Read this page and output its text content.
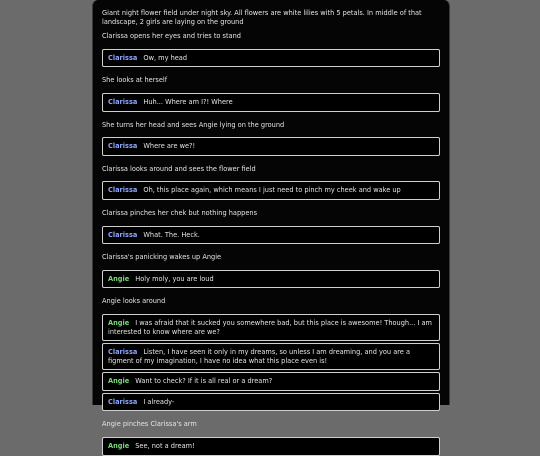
Giant night flower field under night sky. All flowers are white lilies with 5 petals. In middle of that landscape, 2 girls are laying on the ground
Clarissa opens her eyes and tries to stand
Clarissa Ow, my head
She looks at herself
Clarissa Huh... Where am I?! Where
She turns her head and sees Angie lying on the ground
Clarissa Where are we?!
Clarissa looks around and sees the flower field
Clarissa Oh, this place again, which means I just need to pinch my cheek and wake up
Clarissa pinches her chek but nothing happens
Clarissa What. The. Heck.
Clarissa's panicking wakes up Angie
Angie Holy moly, you are loud
Angie looks around
Angie I was afraid that it sucked you somewhere bad, but this place is awesome! Though... I am interested to know where are we?
Clarissa Listen, I have seen it only in my dreams, so unless I am dreaming, and you are a figment of my imagination, I have no idea what this place even is!
Angie Want to check? If it is all real or a dream?
Clarissa I already-
Angie pinches Clarissa's arm
Angie See, not a dream!
